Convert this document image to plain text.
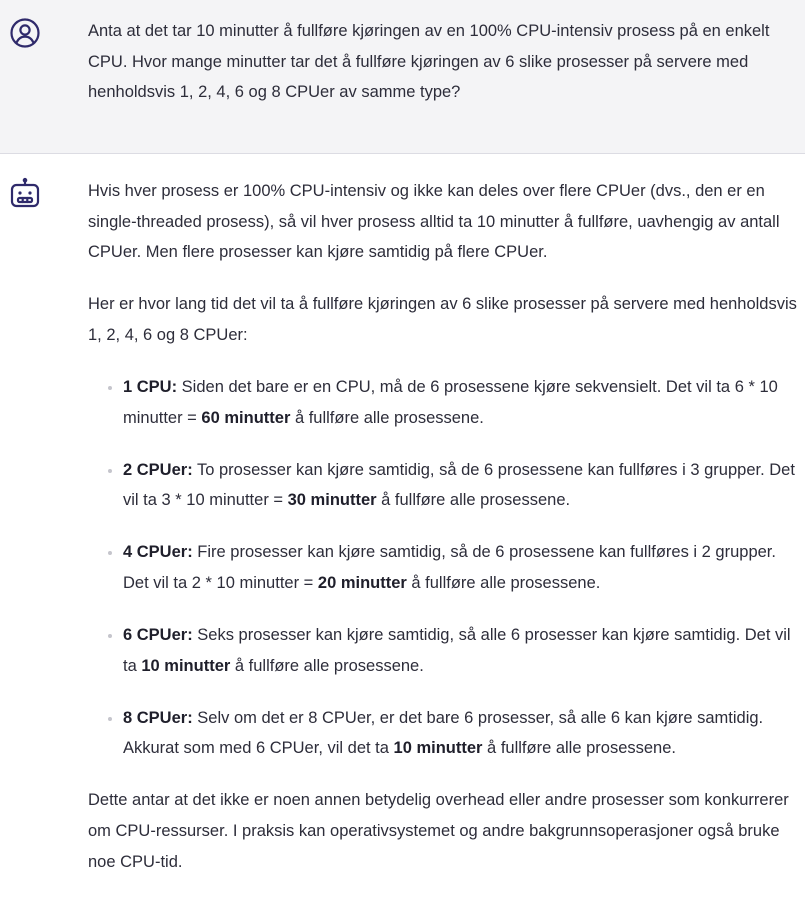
Anta at det tar 10 minutter å fullføre kjøringen av en 100% CPU-intensiv prosess på en enkelt CPU. Hvor mange minutter tar det å fullføre kjøringen av 6 slike prosesser på servere med henholdsvis 1, 2, 4, 6 og 8 CPUer av samme type?

Hvis hver prosess er 100% CPU-intensiv og ikke kan deles over flere CPUer (dvs., den er en single-threaded prosess), så vil hver prosess alltid ta 10 minutter å fullføre, uavhengig av antall CPUer. Men flere prosesser kan kjøre samtidig på flere CPUer.

Her er hvor lang tid det vil ta å fullføre kjøringen av 6 slike prosesser på servere med henholdsvis 1, 2, 4, 6 og 8 CPUer:

• 1 CPU: Siden det bare er en CPU, må de 6 prosessene kjøre sekvensielt. Det vil ta 6 * 10 minutter = 60 minutter å fullføre alle prosessene.
• 2 CPUer: To prosesser kan kjøre samtidig, så de 6 prosessene kan fullføres i 3 grupper. Det vil ta 3 * 10 minutter = 30 minutter å fullføre alle prosessene.
• 4 CPUer: Fire prosesser kan kjøre samtidig, så de 6 prosessene kan fullføres i 2 grupper. Det vil ta 2 * 10 minutter = 20 minutter å fullføre alle prosessene.
• 6 CPUer: Seks prosesser kan kjøre samtidig, så alle 6 prosesser kan kjøre samtidig. Det vil ta 10 minutter å fullføre alle prosessene.
• 8 CPUer: Selv om det er 8 CPUer, er det bare 6 prosesser, så alle 6 kan kjøre samtidig. Akkurat som med 6 CPUer, vil det ta 10 minutter å fullføre alle prosessene.

Dette antar at det ikke er noen annen betydelig overhead eller andre prosesser som konkurrerer om CPU-ressurser. I praksis kan operativsystemet og andre bakgrunnsoperasjoner også bruke noe CPU-tid.
